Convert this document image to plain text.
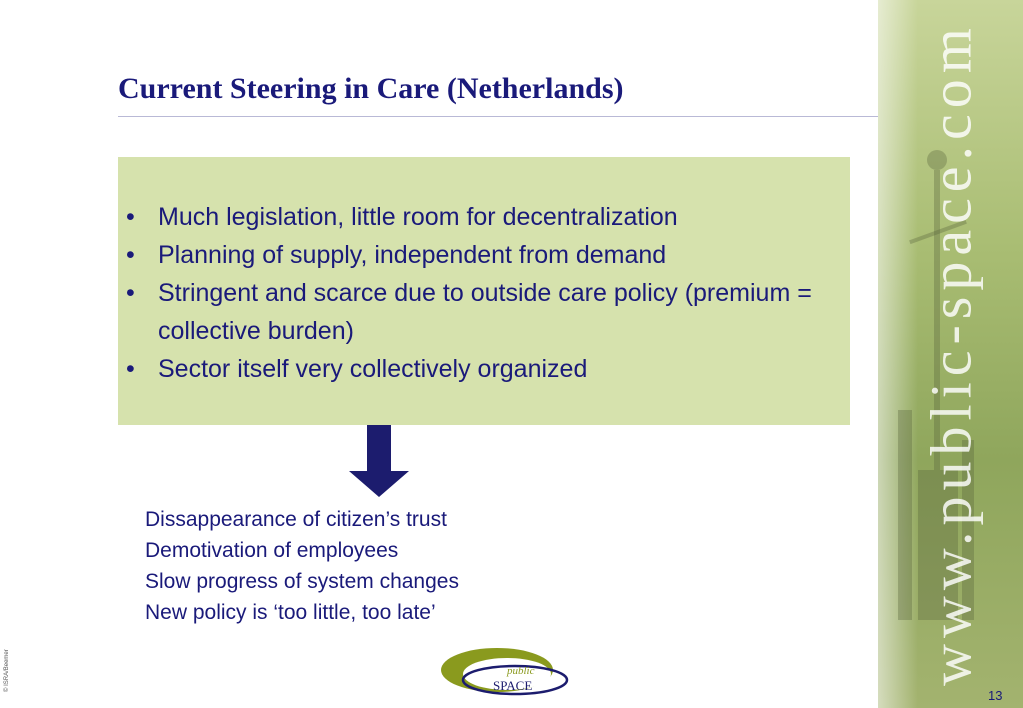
Current Steering in Care (Netherlands)
• Much legislation, little room for decentralization
• Planning of supply, independent from demand
• Stringent and scarce due to outside care policy (premium = collective burden)
• Sector itself very collectively organized
Dissappearance of citizen’s trust
Demotivation of employees
Slow progress of system changes
New policy is ‘too little, too late’	www.public-space.com
public
SPACE
© ISRA/Beemer
13
